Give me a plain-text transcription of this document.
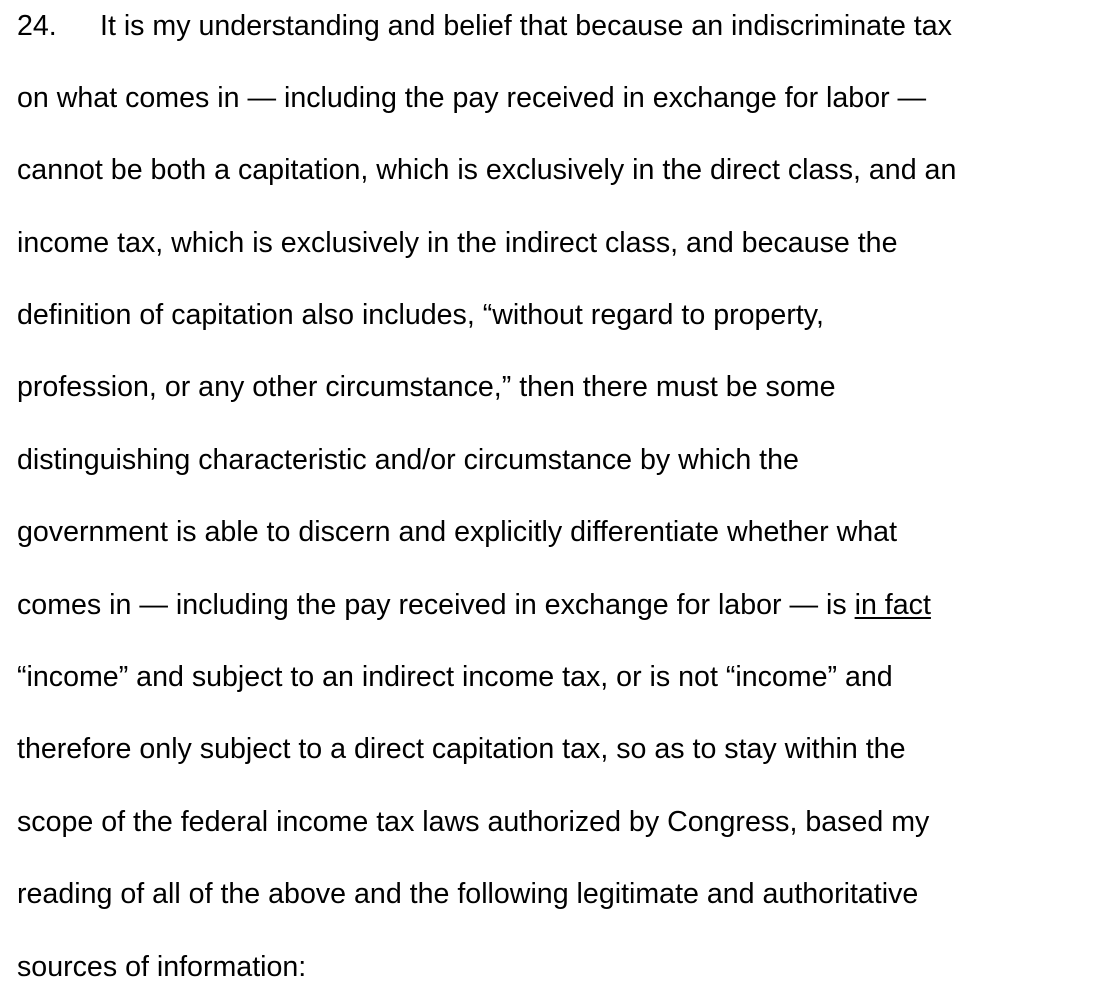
24. It is my understanding and belief that because an indiscriminate tax

on what comes in — including the pay received in exchange for labor —

cannot be both a capitation, which is exclusively in the direct class, and an

income tax, which is exclusively in the indirect class, and because the

definition of capitation also includes, “without regard to property,

profession, or any other circumstance,” then there must be some

distinguishing characteristic and/or circumstance by which the

government is able to discern and explicitly differentiate whether what

comes in — including the pay received in exchange for labor — is in fact

“income” and subject to an indirect income tax, or is not “income” and

therefore only subject to a direct capitation tax, so as to stay within the

scope of the federal income tax laws authorized by Congress, based my

reading of all of the above and the following legitimate and authoritative

sources of information:
